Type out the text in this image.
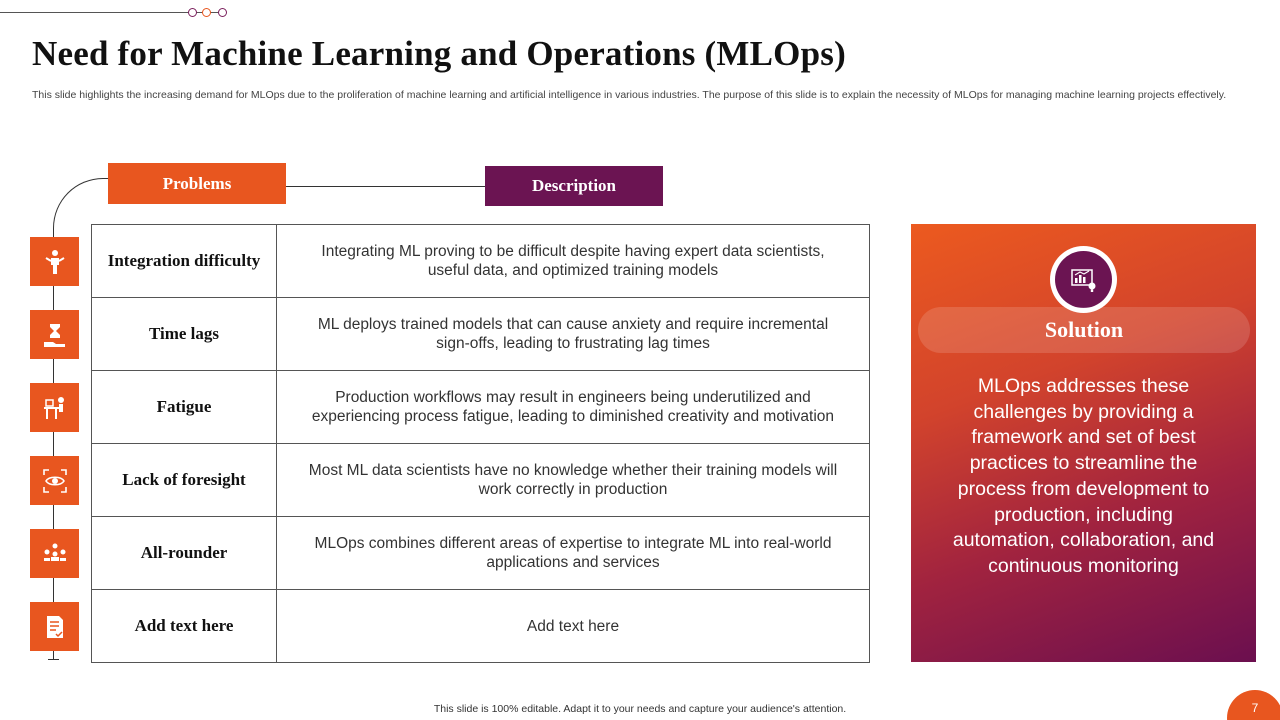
Need for Machine Learning and Operations (MLOps)

This slide highlights the increasing demand for MLOps due to the proliferation of machine learning and artificial intelligence in various industries. The purpose of this slide is to explain the necessity of MLOps for managing machine learning projects effectively.

Problems	Description
Integration difficulty	Integrating ML proving to be difficult despite having expert data scientists, useful data, and optimized training models
Time lags	ML deploys trained models that can cause anxiety and require incremental sign-offs, leading to frustrating lag times
Fatigue	Production workflows may result in engineers being underutilized and experiencing process fatigue, leading to diminished creativity and motivation
Lack of foresight	Most ML data scientists have no knowledge whether their training models will work correctly in production
All-rounder	MLOps combines different areas of expertise to integrate ML into real-world applications and services
Add text here	Add text here
Solution

MLOps addresses these challenges by providing a framework and set of best practices to streamline the process from development to production, including automation, collaboration, and continuous monitoring

This slide is 100% editable. Adapt it to your needs and capture your audience's attention.	7
